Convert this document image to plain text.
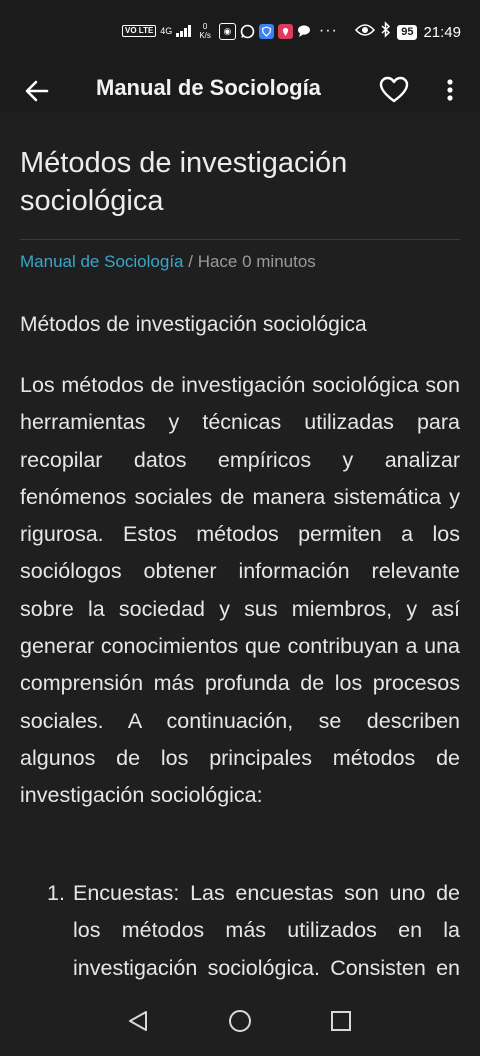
VO LTE 4G	0
K/s	◉	···	95 21:49
Manual de Sociología
Métodos de investigación sociológica
Manual de Sociología / Hace 0 minutos
Métodos de investigación sociológica

Los métodos de investigación sociológica son herramientas y técnicas utilizadas para recopilar datos empíricos y analizar fenómenos sociales de manera sistemática y rigurosa. Estos métodos permiten a los sociólogos obtener información relevante sobre la sociedad y sus miembros, y así generar conocimientos que contribuyan a una comprensión más profunda de los procesos sociales. A continuación, se describen algunos de los principales métodos de investigación sociológica:

1. Encuestas: Las encuestas son uno de los métodos más utilizados en la investigación sociológica. Consisten en
